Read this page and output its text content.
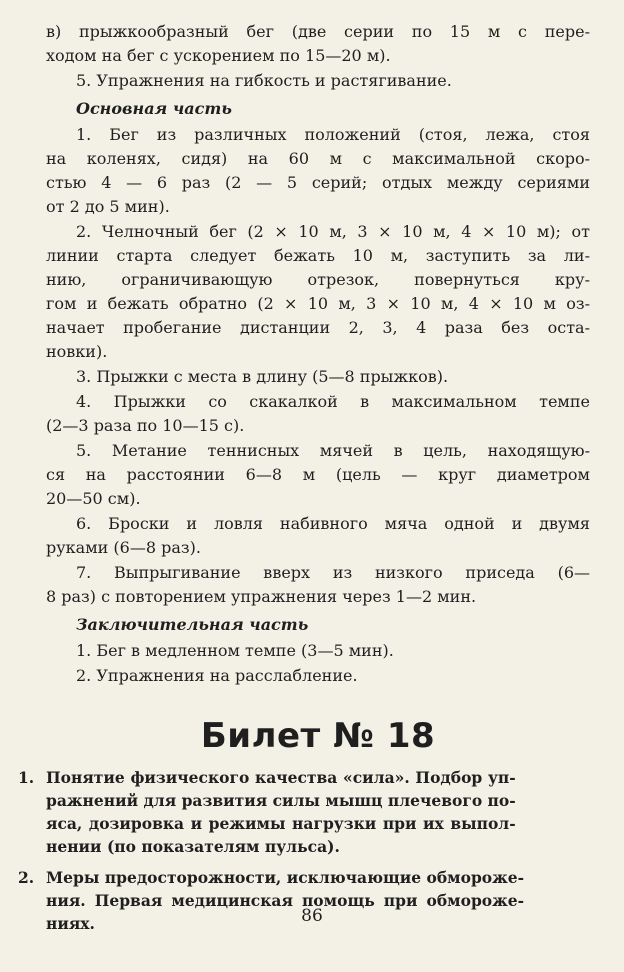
в) прыжкообразный бег (две серии по 15 м с пере-
ходом на бег с ускорением по 15—20 м).
5. Упражнения на гибкость и растягивание.
Основная часть
1. Бег из различных положений (стоя, лежа, стоя
на коленях, сидя) на 60 м с максимальной скоро-
стью 4 — 6 раз (2 — 5 серий; отдых между сериями
от 2 до 5 мин).
2. Челночный бег (2 × 10 м, 3 × 10 м, 4 × 10 м); от
линии старта следует бежать 10 м, заступить за ли-
нию, ограничивающую отрезок, повернуться кру-
гом и бежать обратно (2 × 10 м, 3 × 10 м, 4 × 10 м оз-
начает пробегание дистанции 2, 3, 4 раза без оста-
новки).
3. Прыжки с места в длину (5—8 прыжков).
4. Прыжки со скакалкой в максимальном темпе
(2—3 раза по 10—15 с).
5. Метание теннисных мячей в цель, находящую-
ся на расстоянии 6—8 м (цель — круг диаметром
20—50 см).
6. Броски и ловля набивного мяча одной и двумя
руками (6—8 раз).
7. Выпрыгивание вверх из низкого приседа (6—
8 раз) с повторением упражнения через 1—2 мин.
Заключительная часть
1. Бег в медленном темпе (3—5 мин).
2. Упражнения на расслабление.
Билет № 18
1. Понятие физического качества «сила». Подбор уп-
ражнений для развития силы мышц плечевого по-
яса, дозировка и режимы нагрузки при их выпол-
нении (по показателям пульса).
2. Меры предосторожности, исключающие обмороже-
ния. Первая медицинская помощь при обмороже-
ниях.	86
